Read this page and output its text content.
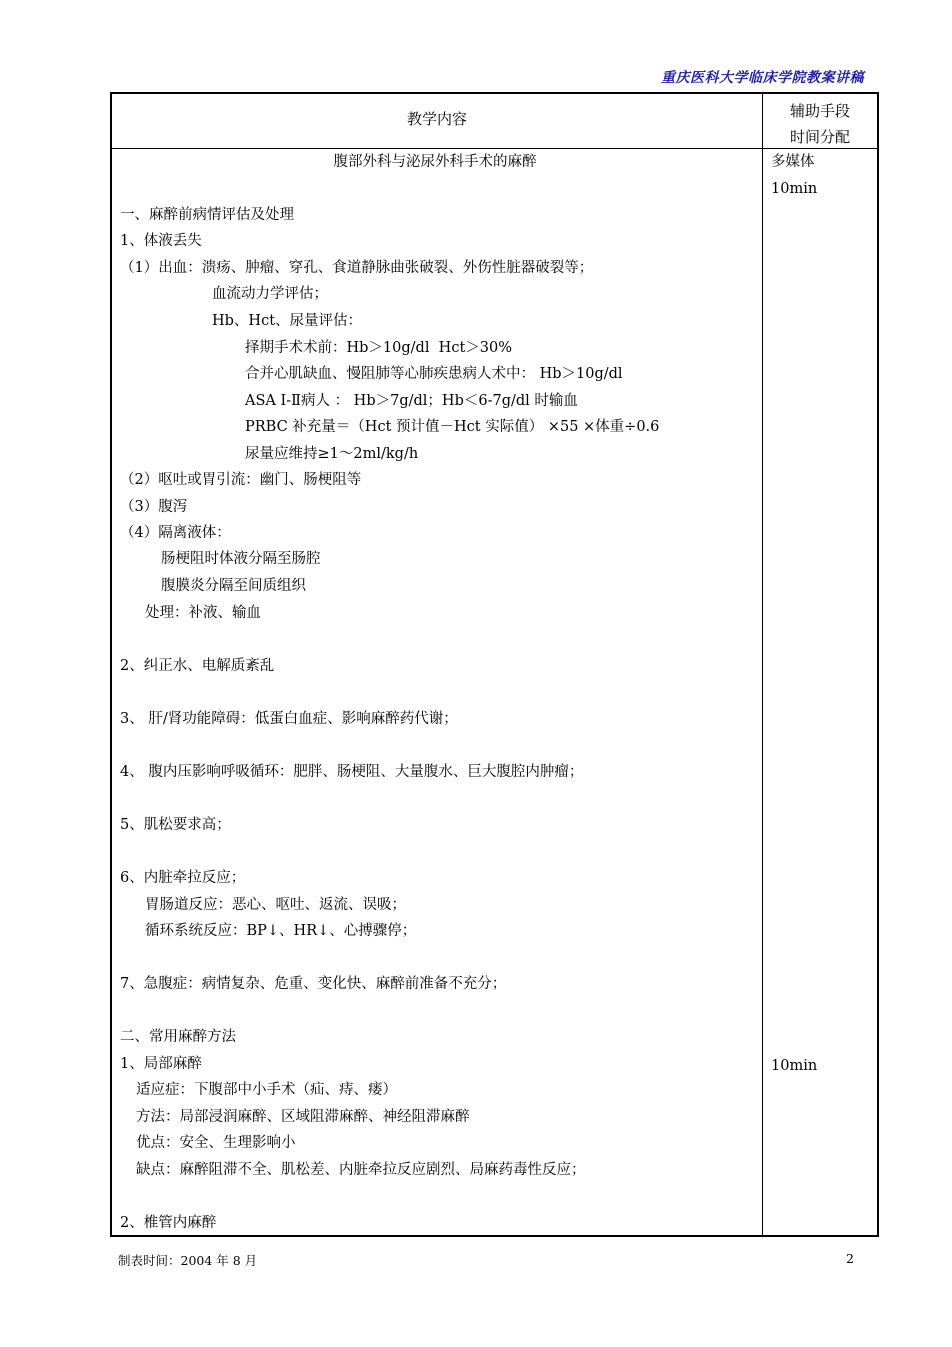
重庆医科大学临床学院教案讲稿
教学内容	辅助手段
时间分配
腹部外科与泌尿外科手术的麻醉
一、麻醉前病情评估及处理
1、体液丢失
（1）出血：溃疡、肿瘤、穿孔、食道静脉曲张破裂、外伤性脏器破裂等；
血流动力学评估；
Hb、Hct、尿量评估：
择期手术术前：Hb＞10g/dl  Hct＞30%
合并心肌缺血、慢阻肺等心肺疾患病人术中： Hb＞10g/dl
ASA Ⅰ-Ⅱ病人 ： Hb＞7g/dl；Hb＜6-7g/dl 时输血
PRBC 补充量＝（Hct 预计值－Hct 实际值） ×55 ×体重÷0.6
尿量应维持≥1～2ml/kg/h
（2）呕吐或胃引流：幽门、肠梗阻等
（3）腹泻
（4）隔离液体：
肠梗阻时体液分隔至肠腔
腹膜炎分隔至间质组织
处理：补液、输血
2、纠正水、电解质紊乱
3、 肝/肾功能障碍：低蛋白血症、影响麻醉药代谢；
4、 腹内压影响呼吸循环：肥胖、肠梗阻、大量腹水、巨大腹腔内肿瘤；
5、肌松要求高；
6、内脏牵拉反应；
胃肠道反应：恶心、呕吐、返流、误吸；
循环系统反应：BP↓、HR↓、心搏骤停；
7、急腹症：病情复杂、危重、变化快、麻醉前准备不充分；
二、常用麻醉方法
1、局部麻醉
适应症：下腹部中小手术（疝、痔、瘘）
方法：局部浸润麻醉、区域阻滞麻醉、神经阻滞麻醉
优点：安全、生理影响小
缺点：麻醉阻滞不全、肌松差、内脏牵拉反应剧烈、局麻药毒性反应；
2、椎管内麻醉
多媒体
10min
10min
制表时间：2004 年 8 月	2
